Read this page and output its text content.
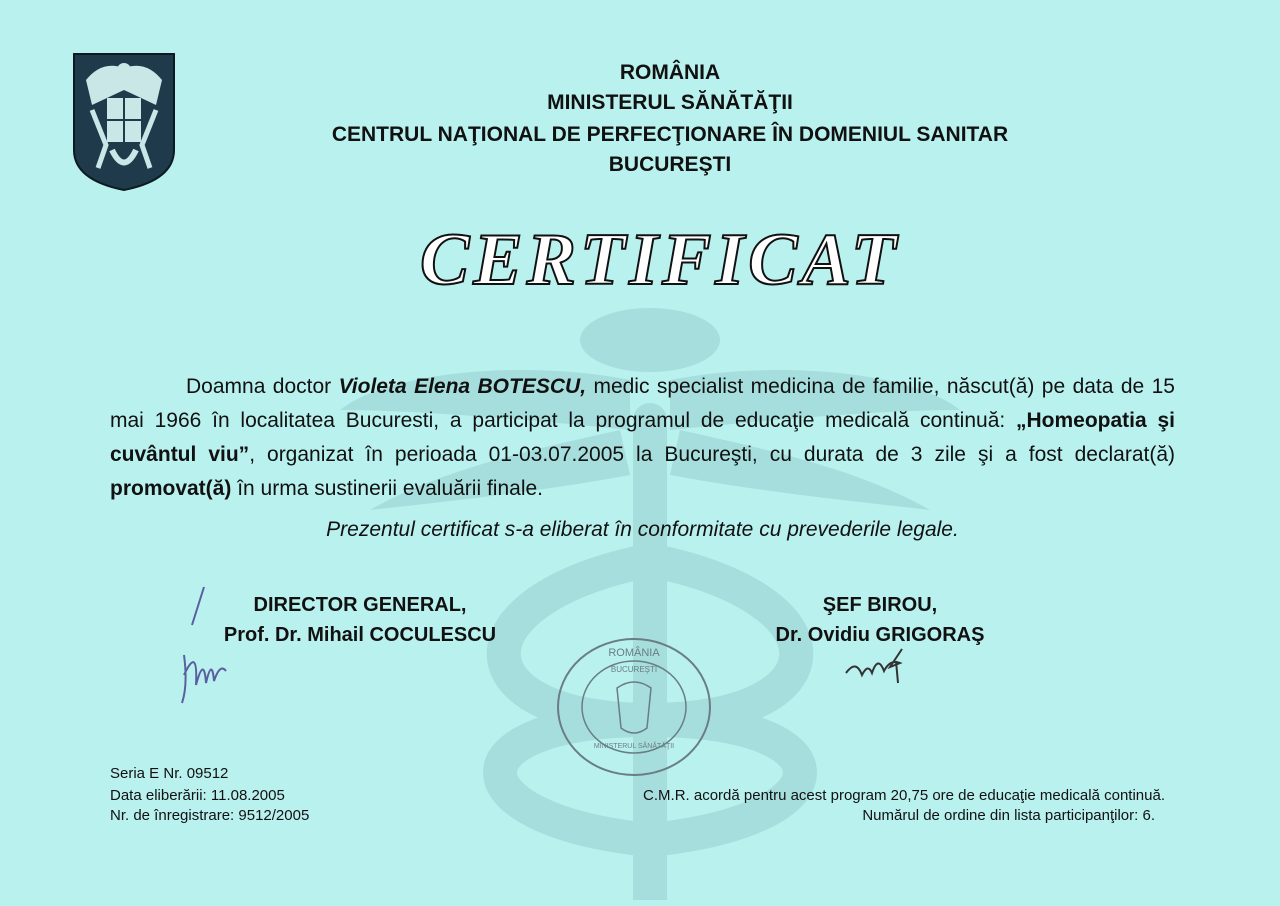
ROMÂNIA
MINISTERUL SĂNĂTĂŢII
CENTRUL NAŢIONAL DE PERFECŢIONARE ÎN DOMENIUL SANITAR
BUCUREŞTI
CERTIFICAT
Doamna doctor Violeta Elena BOTESCU, medic specialist medicina de familie, născut(ă) pe data de 15 mai 1966 în localitatea Bucuresti, a participat la programul de educaţie medicală continuă: „Homeopatia şi cuvântul viu”, organizat în perioada 01-03.07.2005 la Bucureşti, cu durata de 3 zile şi a fost declarat(ă) promovat(ă) în urma sustinerii evaluării finale.
Prezentul certificat s-a eliberat în conformitate cu prevederile legale.
DIRECTOR GENERAL,
Prof. Dr. Mihail COCULESCU
ŞEF BIROU,
Dr. Ovidiu GRIGORAŞ
ROMÂNIA
BUCUREŞTI
MINISTERUL SĂNĂTĂŢII
Seria E Nr. 09512
Data eliberării: 11.08.2005
Nr. de înregistrare: 9512/2005
C.M.R. acordă pentru acest program 20,75 ore de educaţie medicală continuă.
Numărul de ordine din lista participanţilor: 6.
